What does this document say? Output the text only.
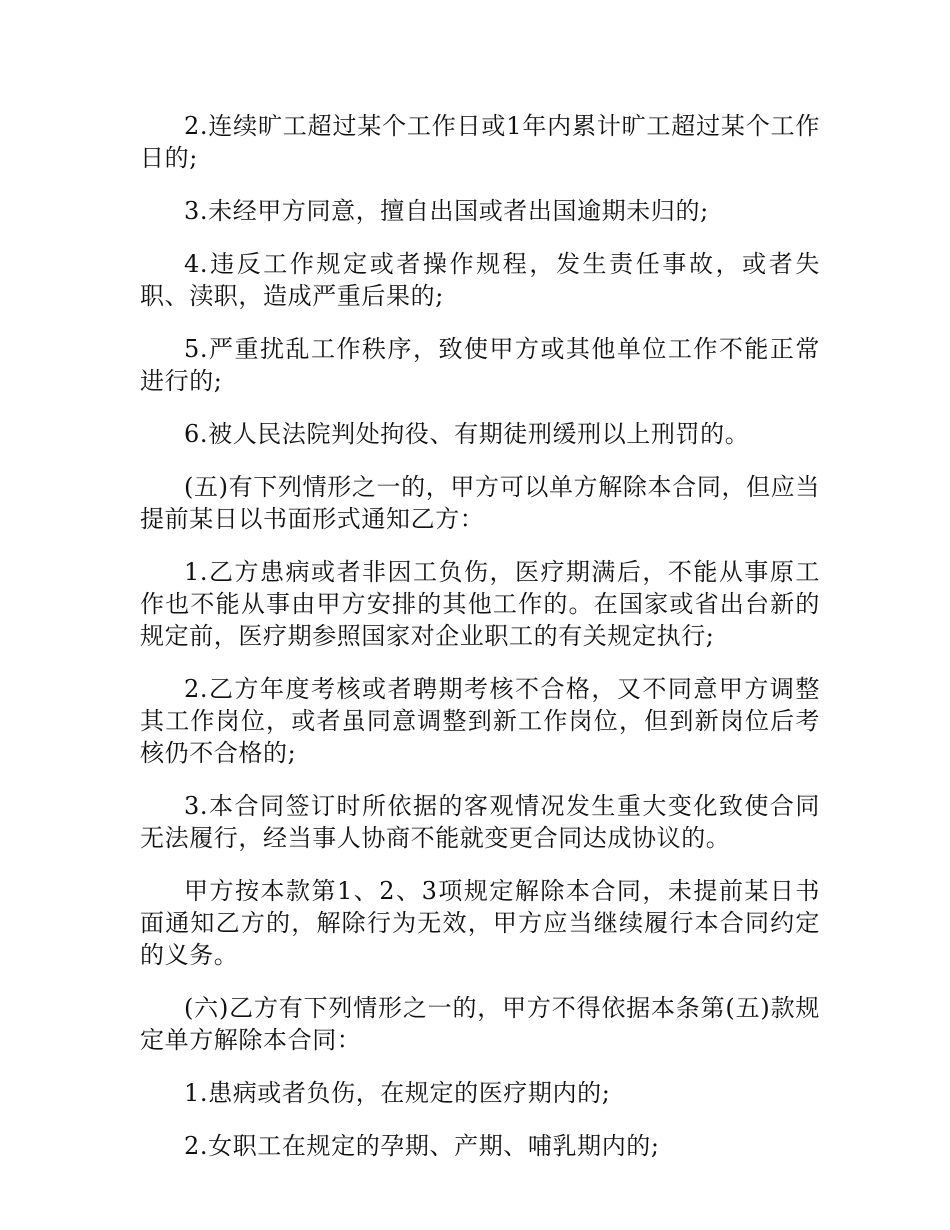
2.连续旷工超过某个工作日或1年内累计旷工超过某个工作日的;

3.未经甲方同意，擅自出国或者出国逾期未归的;

4.违反工作规定或者操作规程，发生责任事故，或者失职、渎职，造成严重后果的;

5.严重扰乱工作秩序，致使甲方或其他单位工作不能正常进行的;

6.被人民法院判处拘役、有期徒刑缓刑以上刑罚的。

(五)有下列情形之一的，甲方可以单方解除本合同，但应当提前某日以书面形式通知乙方：

1.乙方患病或者非因工负伤，医疗期满后，不能从事原工作也不能从事由甲方安排的其他工作的。在国家或省出台新的规定前，医疗期参照国家对企业职工的有关规定执行;

2.乙方年度考核或者聘期考核不合格，又不同意甲方调整其工作岗位，或者虽同意调整到新工作岗位，但到新岗位后考核仍不合格的;

3.本合同签订时所依据的客观情况发生重大变化致使合同无法履行，经当事人协商不能就变更合同达成协议的。

甲方按本款第1、2、3项规定解除本合同，未提前某日书面通知乙方的，解除行为无效，甲方应当继续履行本合同约定的义务。

(六)乙方有下列情形之一的，甲方不得依据本条第(五)款规定单方解除本合同：

1.患病或者负伤，在规定的医疗期内的;

2.女职工在规定的孕期、产期、哺乳期内的;
